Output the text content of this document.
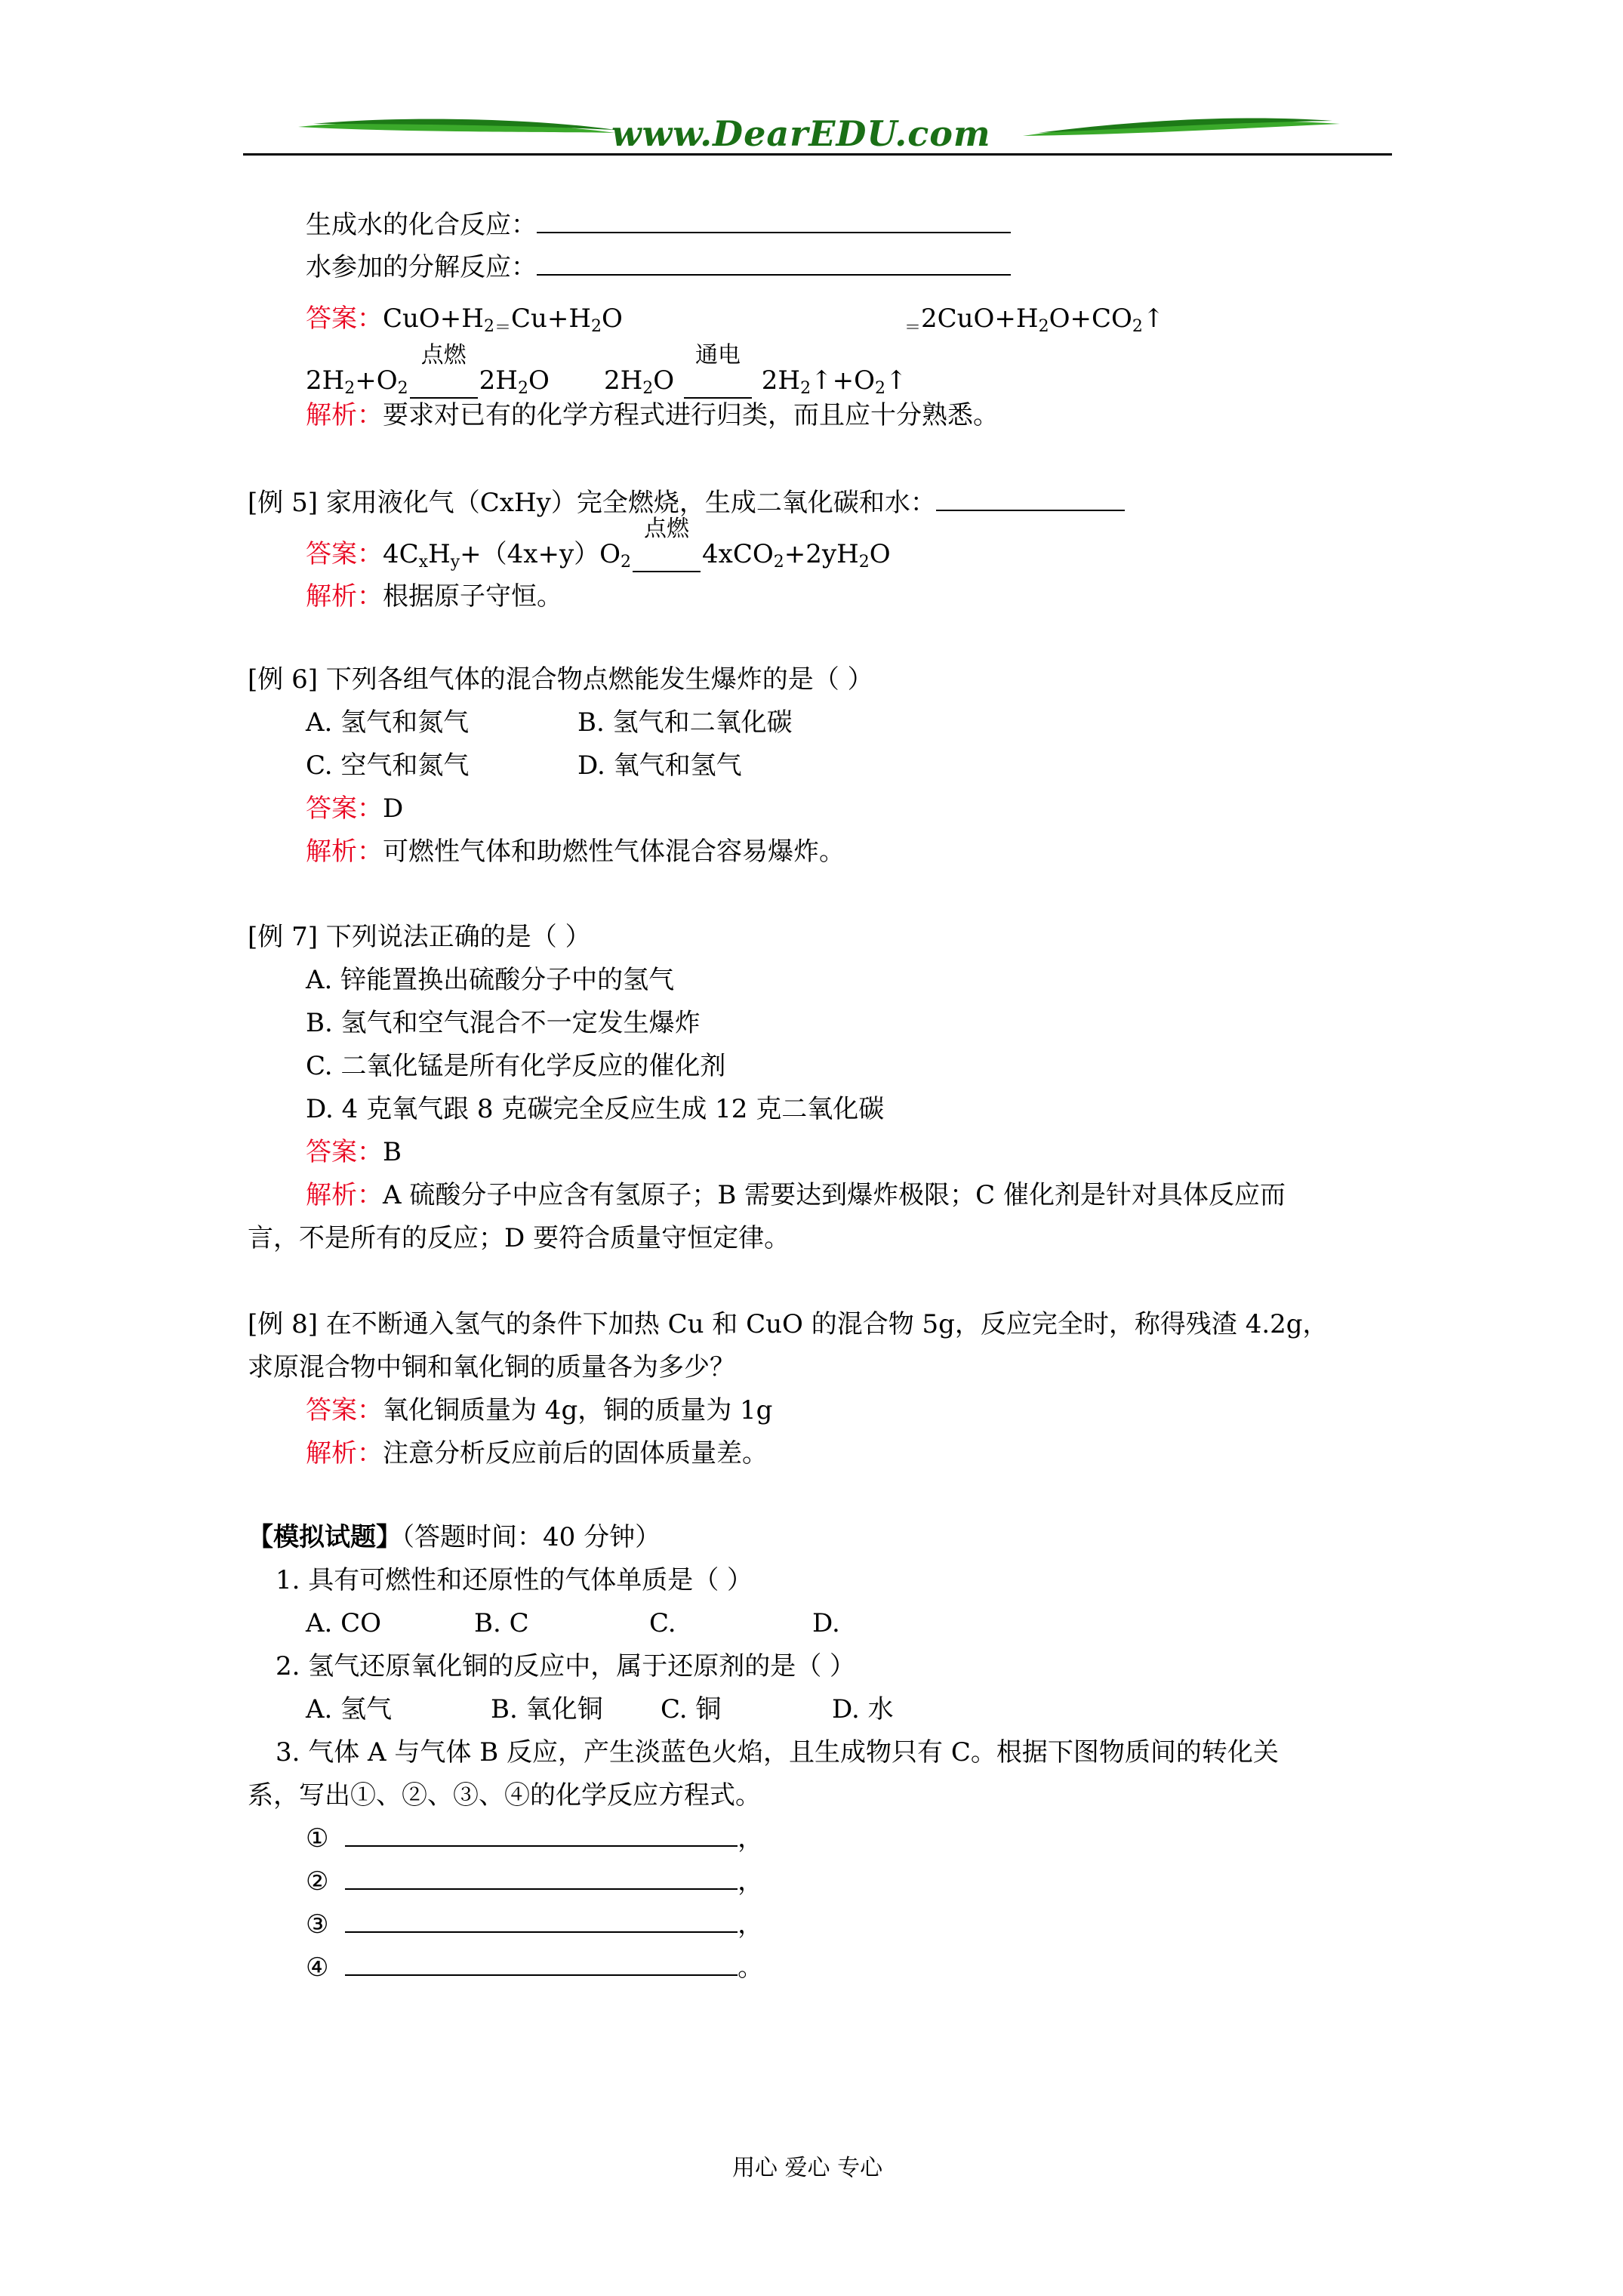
www.DearEDU.com
生成水的化合反应：
水参加的分解反应：
答案：$CuO+H_2=Cu+H_2O$	$=2CuO+H_2O+CO_2↑$
$2H_2+O_2$
点燃

$2H_2O$ $2H_2O$
通电

$2H_2↑+O_2↑$
解析：要求对已有的化学方程式进行归类，而且应十分熟悉。
[例 5] 家用液化气（CxHy）完全燃烧，生成二氧化碳和水：
答案：$4C_xH_y+(4x+y)O_2$
点燃

$4xCO_2+2yH_2O$
解析：根据原子守恒。
[例 6] 下列各组气体的混合物点燃能发生爆炸的是（ ）
A. 氢气和氮气	B. 氢气和二氧化碳
C. 空气和氮气	D. 氧气和氢气
答案：D
解析：可燃性气体和助燃性气体混合容易爆炸。
[例 7] 下列说法正确的是（ ）
A. 锌能置换出硫酸分子中的氢气
B. 氢气和空气混合不一定发生爆炸
C. 二氧化锰是所有化学反应的催化剂
D. 4 克氧气跟 8 克碳完全反应生成 12 克二氧化碳
答案：B
解析：A 硫酸分子中应含有氢原子；B 需要达到爆炸极限；C 催化剂是针对具体反应而
言，不是所有的反应；D 要符合质量守恒定律。
[例 8] 在不断通入氢气的条件下加热 Cu 和 CuO 的混合物 5g，反应完全时，称得残渣 4.2g，
求原混合物中铜和氧化铜的质量各为多少？
答案：氧化铜质量为 4g，铜的质量为 1g
解析：注意分析反应前后的固体质量差。
【模拟试题】（答题时间：40 分钟）
1. 具有可燃性和还原性的气体单质是（ ）
A. CO	B. C	C.	D.
2. 氢气还原氧化铜的反应中，属于还原剂的是（ ）
A. 氢气	B. 氧化铜 C. 铜	D. 水
3. 气体 A 与气体 B 反应，产生淡蓝色火焰，且生成物只有 C。根据下图物质间的转化关
系，写出①、②、③、④的化学反应方程式。
①	，
②	，
③	，
④	。
用心 爱心 专心
